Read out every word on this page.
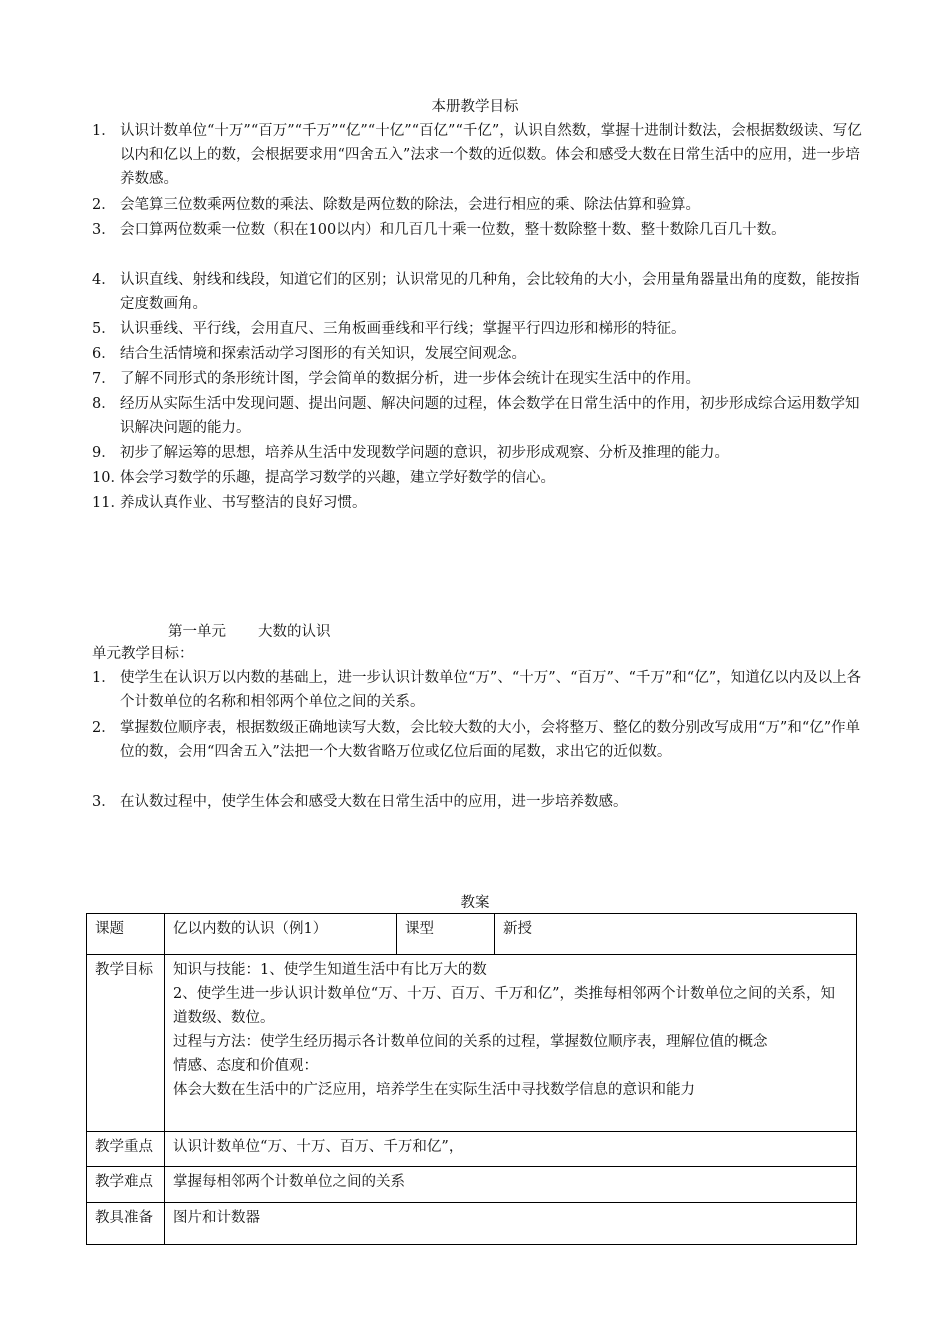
本册教学目标
1． 认识计数单位“十万”“百万”“千万”“亿”“十亿”“百亿”“千亿”，认识自然数，掌握十进制计数法，会根据数级读、写亿以内和亿以上的数，会根据要求用“四舍五入”法求一个数的近似数。体会和感受大数在日常生活中的应用，进一步培养数感。
2． 会笔算三位数乘两位数的乘法、除数是两位数的除法，会进行相应的乘、除法估算和验算。
3． 会口算两位数乘一位数（积在100以内）和几百几十乘一位数，整十数除整十数、整十数除几百几十数。
4． 认识直线、射线和线段，知道它们的区别；认识常见的几种角，会比较角的大小，会用量角器量出角的度数，能按指定度数画角。
5． 认识垂线、平行线，会用直尺、三角板画垂线和平行线；掌握平行四边形和梯形的特征。
6． 结合生活情境和探索活动学习图形的有关知识，发展空间观念。
7． 了解不同形式的条形统计图，学会简单的数据分析，进一步体会统计在现实生活中的作用。
8． 经历从实际生活中发现问题、提出问题、解决问题的过程，体会数学在日常生活中的作用，初步形成综合运用数学知识解决问题的能力。
9． 初步了解运筹的思想，培养从生活中发现数学问题的意识，初步形成观察、分析及推理的能力。
10．
体会学习数学的乐趣，提高学习数学的兴趣，建立学好数学的信心。
11．
养成认真作业、书写整洁的良好习惯。
第一单元 大数的认识
单元教学目标：
1． 使学生在认识万以内数的基础上，进一步认识计数单位“万”、“十万”、“百万”、“千万”和“亿”，知道亿以内及以上各个计数单位的名称和相邻两个单位之间的关系。
2． 掌握数位顺序表，根据数级正确地读写大数，会比较大数的大小，会将整万、整亿的数分别改写成用“万”和“亿”作单位的数，会用“四舍五入”法把一个大数省略万位或亿位后面的尾数，求出它的近似数。
3． 在认数过程中，使学生体会和感受大数在日常生活中的应用，进一步培养数感。
教案
课题	亿以内数的认识（例1）	课型	新授
教学目标	知识与技能：1、使学生知道生活中有比万大的数
2、使学生进一步认识计数单位“万、十万、百万、千万和亿”，类推每相邻两个计数单位之间的关系，知道数级、数位。
过程与方法：使学生经历揭示各计数单位间的关系的过程，掌握数位顺序表，理解位值的概念
情感、态度和价值观：
体会大数在生活中的广泛应用，培养学生在实际生活中寻找数学信息的意识和能力		

教学重点	认识计数单位“万、十万、百万、千万和亿”，		
教学难点	掌握每相邻两个计数单位之间的关系		
教具准备	图片和计数器		
